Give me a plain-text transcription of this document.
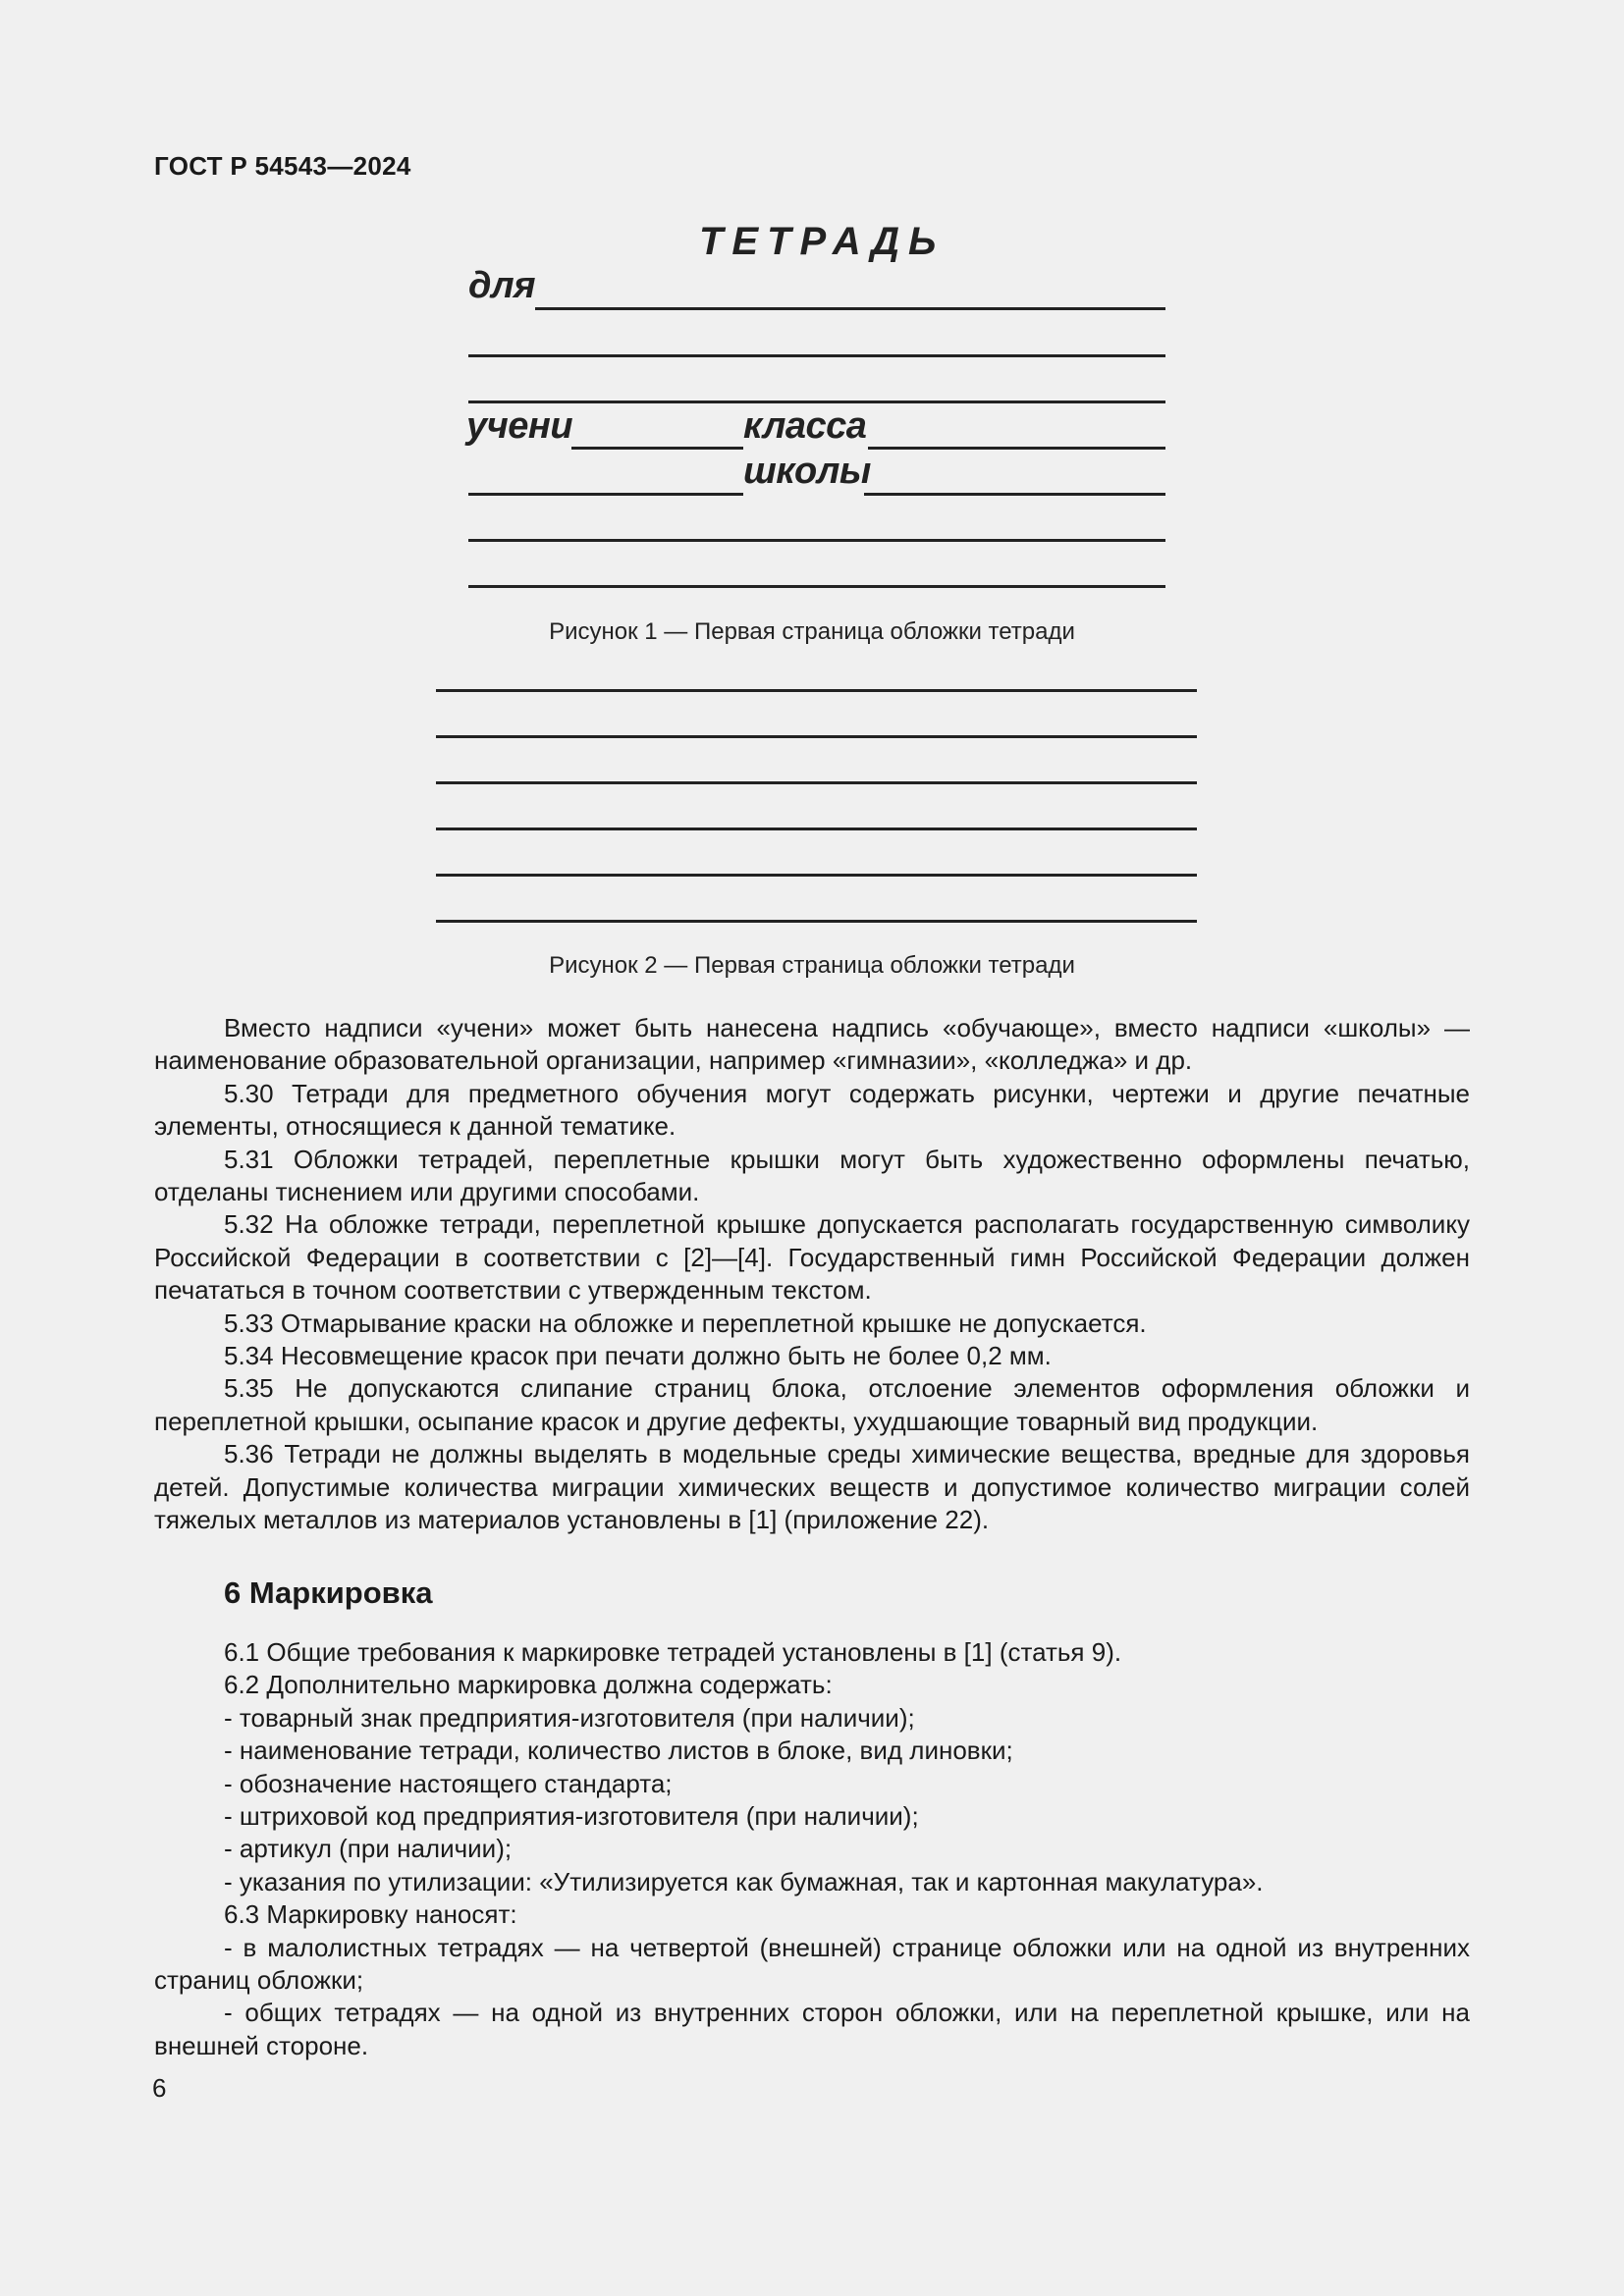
ГОСТ Р 54543—2024
ТЕТРАДЬ
для
учени	класса
школы
Рисунок 1 — Первая страница обложки тетради
Рисунок 2 — Первая страница обложки тетради

Вместо надписи «учени» может быть нанесена надпись «обучающе», вместо надписи «школы» — наименование образовательной организации, например «гимназии», «колледжа» и др.

5.30 Тетради для предметного обучения могут содержать рисунки, чертежи и другие печатные элементы, относящиеся к данной тематике.

5.31 Обложки тетрадей, переплетные крышки могут быть художественно оформлены печатью, отделаны тиснением или другими способами.

5.32 На обложке тетради, переплетной крышке допускается располагать государственную символику Российской Федерации в соответствии с [2]—[4]. Государственный гимн Российской Федерации должен печататься в точном соответствии с утвержденным текстом.

5.33 Отмарывание краски на обложке и переплетной крышке не допускается.

5.34 Несовмещение красок при печати должно быть не более 0,2 мм.

5.35 Не допускаются слипание страниц блока, отслоение элементов оформления обложки и переплетной крышки, осыпание красок и другие дефекты, ухудшающие товарный вид продукции.

5.36 Тетради не должны выделять в модельные среды химические вещества, вредные для здоровья детей. Допустимые количества миграции химических веществ и допустимое количество миграции солей тяжелых металлов из материалов установлены в [1] (приложение 22).

6 Маркировка

6.1 Общие требования к маркировке тетрадей установлены в [1] (статья 9).

6.2 Дополнительно маркировка должна содержать:

- товарный знак предприятия-изготовителя (при наличии);

- наименование тетради, количество листов в блоке, вид линовки;

- обозначение настоящего стандарта;

- штриховой код предприятия-изготовителя (при наличии);

- артикул (при наличии);

- указания по утилизации: «Утилизируется как бумажная, так и картонная макулатура».

6.3 Маркировку наносят:

- в малолистных тетрадях — на четвертой (внешней) странице обложки или на одной из внутренних страниц обложки;

- общих тетрадях — на одной из внутренних сторон обложки, или на переплетной крышке, или на внешней стороне.

6
